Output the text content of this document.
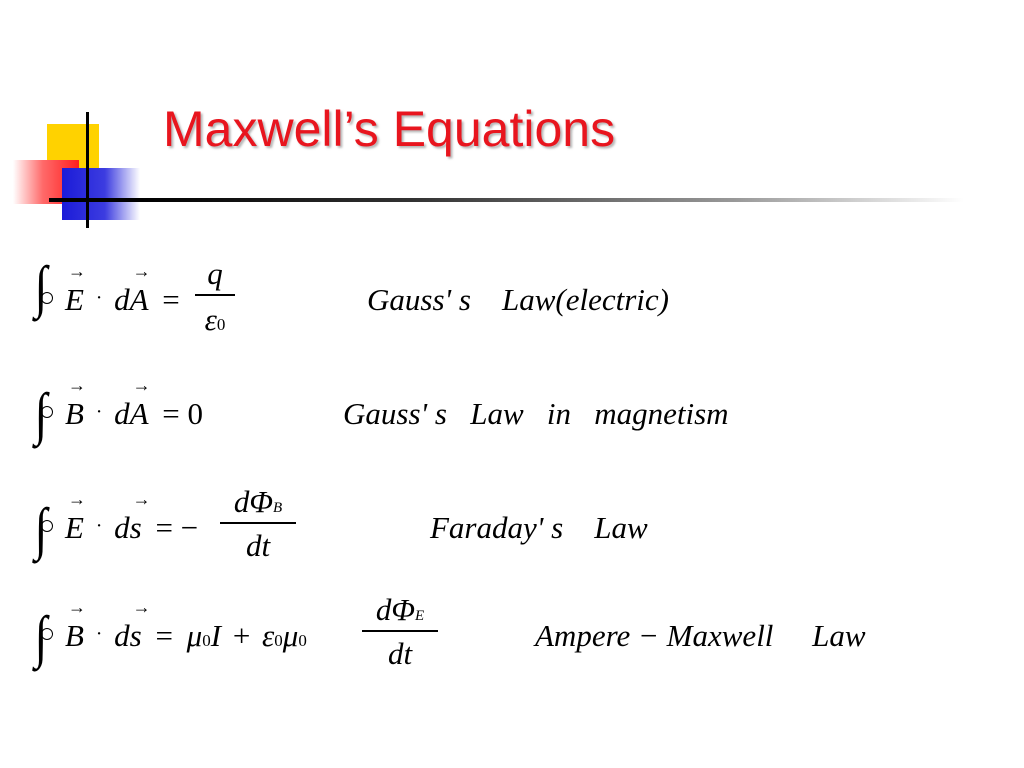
Maxwell’s Equations
∫ → E · d→ A =
q
ε0
Gauss' s    Law(electric)
∫ → B · d→ A = 0	Gauss' s   Law   in   magnetism
∫ → E · d→ s = −
dΦB
dt	Faraday' s    Law
∫ → B · d→ s = μ0I + ε0μ0
dΦE
dt	Ampere − Maxwell     Law
